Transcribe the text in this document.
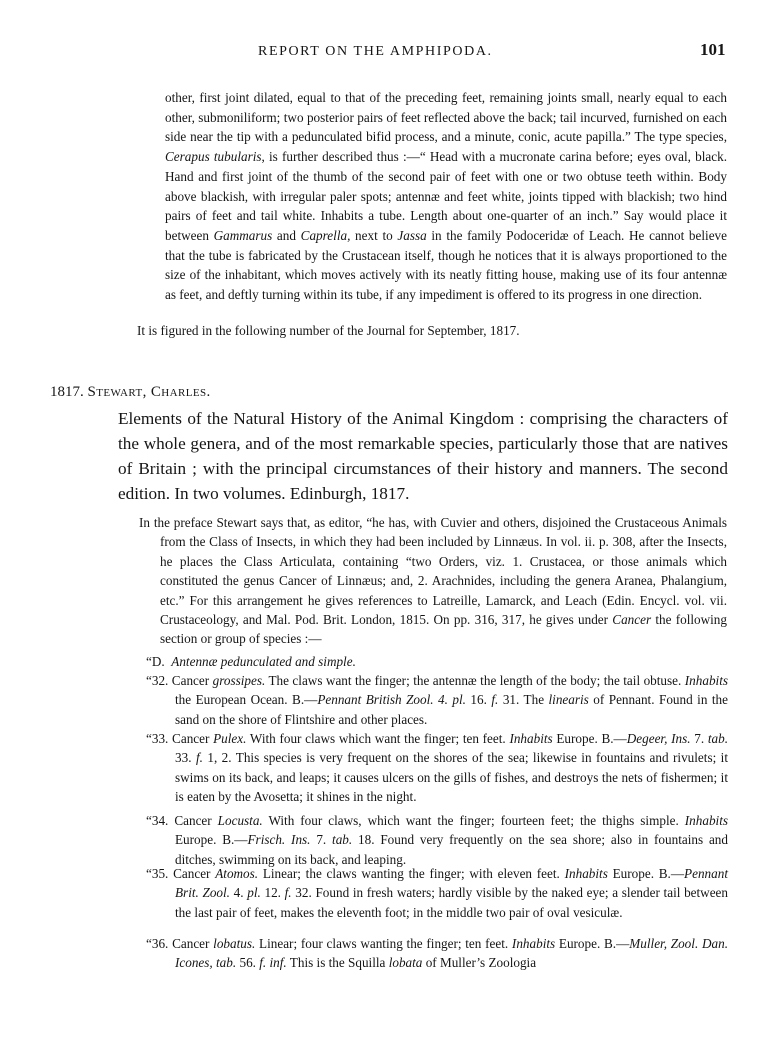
REPORT ON THE AMPHIPODA.	101

other, first joint dilated, equal to that of the preceding feet, remaining joints small, nearly equal to each other, submoniliform; two posterior pairs of feet reflected above the back; tail incurved, furnished on each side near the tip with a pedunculated bifid process, and a minute, conic, acute papilla.” The type species, Cerapus tubularis, is further described thus :—“ Head with a mucronate carina before; eyes oval, black. Hand and first joint of the thumb of the second pair of feet with one or two obtuse teeth within. Body above blackish, with irregular paler spots; antennæ and feet white, joints tipped with blackish; two hind pairs of feet and tail white. Inhabits a tube. Length about one-quarter of an inch.” Say would place it between Gammarus and Caprella, next to Jassa in the family Podoceridæ of Leach. He cannot believe that the tube is fabricated by the Crustacean itself, though he notices that it is always proportioned to the size of the inhabitant, which moves actively with its neatly fitting house, making use of its four antennæ as feet, and deftly turning within its tube, if any impediment is offered to its progress in one direction.

It is figured in the following number of the Journal for September, 1817.

1817. Stewart, Charles.

Elements of the Natural History of the Animal Kingdom : comprising the characters of the whole genera, and of the most remarkable species, particularly those that are natives of Britain ; with the principal circumstances of their history and manners. The second edition. In two volumes. Edinburgh, 1817.

In the preface Stewart says that, as editor, “he has, with Cuvier and others, disjoined the Crustaceous Animals from the Class of Insects, in which they had been included by Linnæus. In vol. ii. p. 308, after the Insects, he places the Class Articulata, containing “two Orders, viz. 1. Crustacea, or those animals which constituted the genus Cancer of Linnæus; and, 2. Arachnides, including the genera Aranea, Phalangium, etc.” For this arrangement he gives references to Latreille, Lamarck, and Leach (Edin. Encycl. vol. vii. Crustaceology, and Mal. Pod. Brit. London, 1815. On pp. 316, 317, he gives under Cancer the following section or group of species :—

“D. Antennæ pedunculated and simple.

“32. Cancer grossipes. The claws want the finger; the antennæ the length of the body; the tail obtuse. Inhabits the European Ocean. B.—Pennant British Zool. 4. pl. 16. f. 31. The linearis of Pennant. Found in the sand on the shore of Flintshire and other places.

“33. Cancer Pulex. With four claws which want the finger; ten feet. Inhabits Europe. B.—Degeer, Ins. 7. tab. 33. f. 1, 2. This species is very frequent on the shores of the sea; likewise in fountains and rivulets; it swims on its back, and leaps; it causes ulcers on the gills of fishes, and destroys the nets of fishermen; it is eaten by the Avosetta; it shines in the night.

“34. Cancer Locusta. With four claws, which want the finger; fourteen feet; the thighs simple. Inhabits Europe. B.—Frisch. Ins. 7. tab. 18. Found very frequently on the sea shore; also in fountains and ditches, swimming on its back, and leaping.

“35. Cancer Atomos. Linear; the claws wanting the finger; with eleven feet. Inhabits Europe. B.—Pennant Brit. Zool. 4. pl. 12. f. 32. Found in fresh waters; hardly visible by the naked eye; a slender tail between the last pair of feet, makes the eleventh foot; in the middle two pair of oval vesiculæ.

“36. Cancer lobatus. Linear; four claws wanting the finger; ten feet. Inhabits Europe. B.—Muller, Zool. Dan. Icones, tab. 56. f. inf. This is the Squilla lobata of Muller’s Zoologia
